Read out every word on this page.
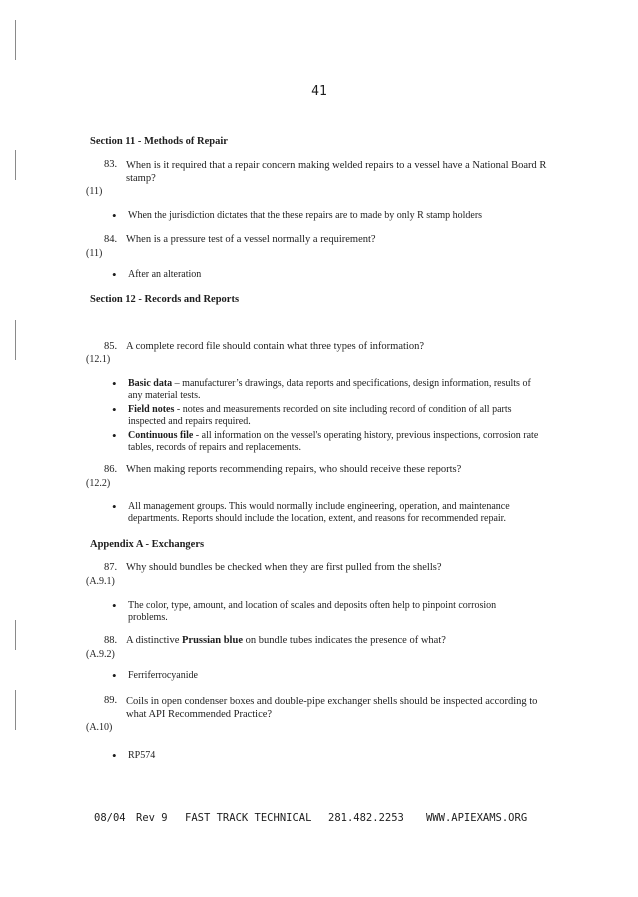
41
Section 11 - Methods of Repair
83. When is it required that a repair concern making welded repairs to a vessel have a National Board R stamp?
(11)
• When the jurisdiction dictates that the these repairs are to made by only R stamp holders
84. When is a pressure test of a vessel normally a requirement?
(11)
• After an alteration
Section 12 - Records and Reports
85. A complete record file should contain what three types of information?
(12.1)
• Basic data – manufacturer’s drawings, data reports and specifications, design information, results of any material tests.
• Field notes - notes and measurements recorded on site including record of condition of all parts inspected and repairs required.
• Continuous file - all information on the vessel's operating history, previous inspections, corrosion rate tables, records of repairs and replacements.
86. When making reports recommending repairs, who should receive these reports?
(12.2)
• All management groups. This would normally include engineering, operation, and maintenance departments. Reports should include the location, extent, and reasons for recommended repair.
Appendix A - Exchangers
87. Why should bundles be checked when they are first pulled from the shells?
(A.9.1)
• The color, type, amount, and location of scales and deposits often help to pinpoint corrosion problems.
88. A distinctive Prussian blue on bundle tubes indicates the presence of what?
(A.9.2)
• Ferriferrocyanide
89. Coils in open condenser boxes and double-pipe exchanger shells should be inspected according to what API Recommended Practice?
(A.10)
• RP574
08/04 Rev 9 FAST TRACK TECHNICAL 281.482.2253 WWW.APIEXAMS.ORG
